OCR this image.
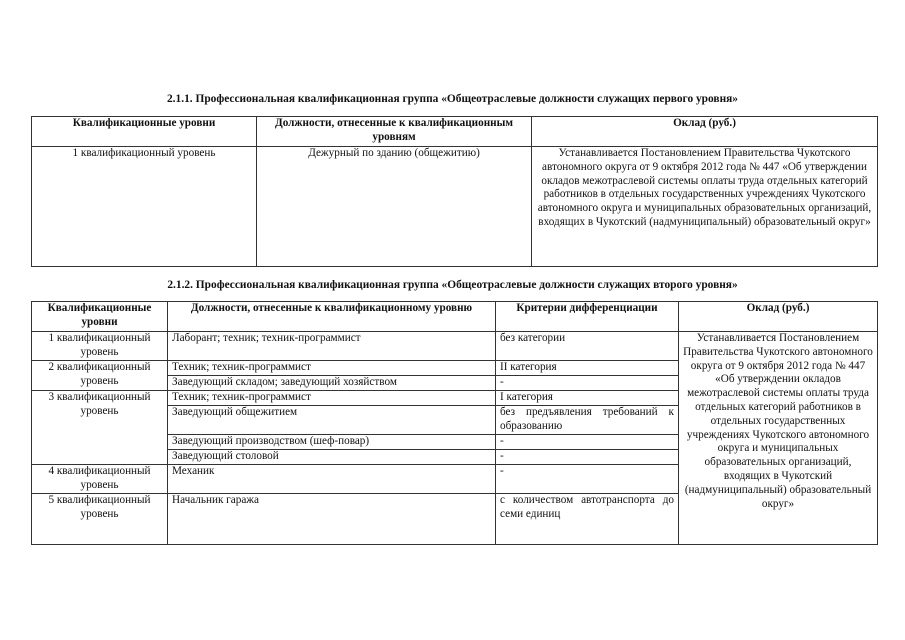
2.1.1. Профессиональная квалификационная группа «Общеотраслевые должности служащих первого уровня»
Квалификационные уровни	Должности, отнесенные к квалификационным уровням	Оклад (руб.)
1 квалификационный уровень	Дежурный по зданию (общежитию)	Устанавливается Постановлением Правительства Чукотского автономного округа от 9 октября 2012 года № 447 «Об утверждении окладов межотраслевой системы оплаты труда отдельных категорий работников в отдельных государственных учреждениях Чукотского автономного округа и муниципальных образовательных организаций, входящих в Чукотский (надмуниципальный) образовательный округ»
2.1.2. Профессиональная квалификационная группа «Общеотраслевые должности служащих второго уровня»
Квалификационные уровни	Должности, отнесенные к квалификационному уровню	Критерии дифференциации	Оклад (руб.)
1 квалификационный уровень	Лаборант; техник; техник-программист	без категории	Устанавливается Постановлением Правительства Чукотского автономного округа от 9 октября 2012 года № 447 «Об утверждении окладов межотраслевой системы оплаты труда отдельных категорий работников в отдельных государственных учреждениях Чукотского автономного округа и муниципальных образовательных организаций, входящих в Чукотский (надмуниципальный) образовательный округ»
2 квалификационный уровень	Техник; техник-программист	II категория	
	Заведующий складом; заведующий хозяйством	-	
3 квалификационный уровень	Техник; техник-программист	I категория	
	Заведующий общежитием	без предъявления требований к образованию	
	Заведующий производством (шеф-повар)	-	
	Заведующий столовой	-	
4 квалификационный уровень	Механик	-	
5 квалификационный уровень	Начальник гаража	с количеством автотранспорта до семи единиц	
